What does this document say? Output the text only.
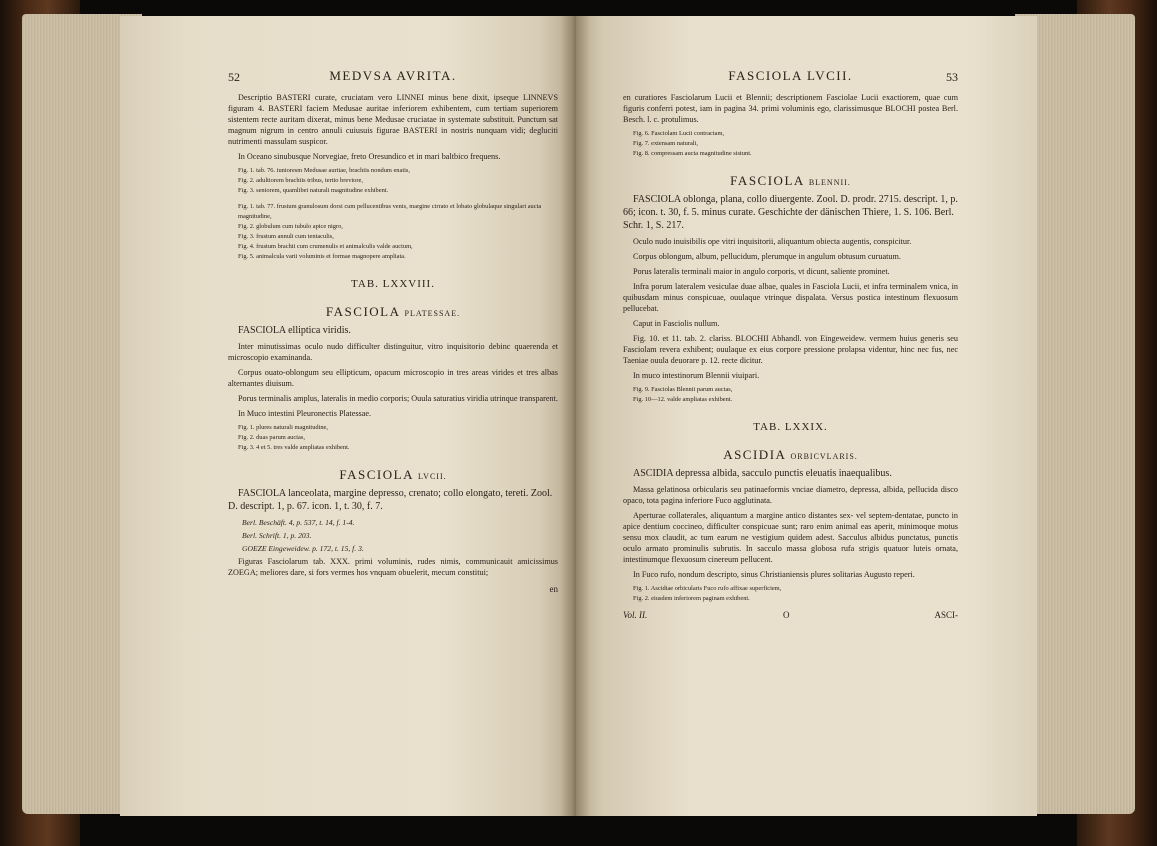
52	MEDVSA AVRITA.

Descriptio BASTERI curate, cruciatam vero LINNEI minus bene dixit, ipseque LINNEVS figuram 4. BASTERI faciem Medusae auritae inferiorem exhibentem, cum tertiam superiorem sistentem recte auritam dixerat, minus bene Medusae cruciatae in systemate substituit. Punctum sat magnum nigrum in centro annuli cuiusuis figurae BASTERI in nostris nunquam vidi; degluciti nutrimenti massulam suspicor.

In Oceano sinubusque Norvegiae, freto Oresundico et in mari baltbico frequens.

Fig. 1. tab. 76. iunioresm Medusae auritae, brachiis nondum enatis,
Fig. 2. adultiorem brachiis tribus, tertio breviore,
Fig. 3. seniorem, quamlibet naturali magnitudine exhibent.
Fig. 1. tab. 77. frustum granulosum dorsi cum pellucentibus venis, margine cirrato et lobato globulaque singulari aucta magnitudine,
Fig. 2. globulum cum tubulo apice nigro,
Fig. 3. frustum annuli cum tentaculis,
Fig. 4. frustum brachii cum crumenulis et animalculis valde auctum,
Fig. 5. animalcula varii voluminis et formae magnopere ampliata.
TAB. LXXVIII.
FASCIOLA PLATESSAE.

FASCIOLA elliptica viridis.

Inter minutissimas oculo nudo difficulter distinguitur, vitro inquisitorio debinc quaerenda et microscopio examinanda.

Corpus ouato-oblongum seu ellipticum, opacum microscopio in tres areas virides et tres albas alternantes diuisum.

Porus terminalis amplus, lateralis in medio corporis; Ouula saturatius viridia utrinque transparent.

In Muco intestini Pleuronectis Platessae.

Fig. 1. plures naturali magnitudine,
Fig. 2. duas parum auctas,
Fig. 3. 4 et 5. tres valde ampliatas exhibent.
FASCIOLA LVCII.

FASCIOLA lanceolata, margine depresso, crenato; collo elongato, tereti. Zool. D. descript. 1, p. 67. icon. 1, t. 30, f. 7.

Berl. Beschäft. 4, p. 537, t. 14, f. 1-4.
Berl. Schrift. 1, p. 203.
GOEZE Eingeweidew. p. 172, t. 15, f. 3.

Figuras Fasciolarum tab. XXX. primi voluminis, rudes nimis, communicauit amicissimus ZOEGA; meliores dare, si fors vermes hos vnquam obuelerit, mecum constitui;

en
FASCIOLA LVCII.	53

en curatiores Fasciolarum Lucii et Blennii; descriptionem Fasciolae Lucii exactiorem, quae cum figuris conferri potest, iam in pagina 34. primi voluminis ego, clarissimusque BLOCHI postea Berl. Besch. l. c. protulimus.

Fig. 6. Fasciolam Lucii contractam,
Fig. 7. extensam naturali,
Fig. 8. compressam aucta magnitudine sistunt.
FASCIOLA BLENNII.

FASCIOLA oblonga, plana, collo diuergente. Zool. D. prodr. 2715. descript. 1, p. 66; icon. t. 30, f. 5. minus curate. Geschichte der dänischen Thiere, 1. S. 106. Berl. Schr. 1, S. 217.

Oculo nudo inuisibilis ope vitri inquisitorii, aliquantum obiecta augentis, conspicitur.

Corpus oblongum, album, pellucidum, plerumque in angulum obtusum curuatum.

Porus lateralis terminali maior in angulo corporis, vt dicunt, saliente prominet.

Infra porum lateralem vesiculae duae albae, quales in Fasciola Lucii, et infra terminalem vnica, in quibusdam minus conspicuae, ouulaque vtrinque dispalata. Versus postica intestinum flexuosum pellucebat.

Caput in Fasciolis nullum.

Fig. 10. et 11. tab. 2. clariss. BLOCHII Abhandl. von Eingeweidew. vermem huius generis seu Fasciolam revera exhibent; ouulaque ex eius corpore pressione prolapsa videntur, hinc nec fus, nec Taeniae ouula deuorare p. 12. recte dicitur.

In muco intestinorum Blennii viuipari.

Fig. 9. Fasciolas Blennii parum auctas,
Fig. 10—12. valde ampliatas exhibent.
TAB. LXXIX.
ASCIDIA ORBICVLARIS.

ASCIDIA depressa albida, sacculo punctis eleuatis inaequalibus.

Massa gelatinosa orbicularis seu patinaeformis vnciae diametro, depressa, albida, pellucida disco opaco, tota pagina inferiore Fuco agglutinata.

Aperturae collaterales, aliquantum a margine antico distantes sex- vel septem-dentatae, puncto in apice dentium coccineo, difficulter conspicuae sunt; raro enim animal eas aperit, minimoque motus sensu mox claudit, ac tum earum ne vestigium quidem adest. Sacculus albidus punctatus, punctis oculo armato prominulis subrutis. In sacculo massa globosa rufa strigis quatuor luteis ornata, intestinumque flexuosum cinereum pellucent.

In Fuco rufo, nondum descripto, sinus Christianiensis plures solitarias Augusto reperi.

Fig. 1. Ascidiae orbicularis Fuco rufo affixae superficiem,
Fig. 2. eiusdem inferiorem paginam exhibent.
Vol. II.	O	ASCI-
